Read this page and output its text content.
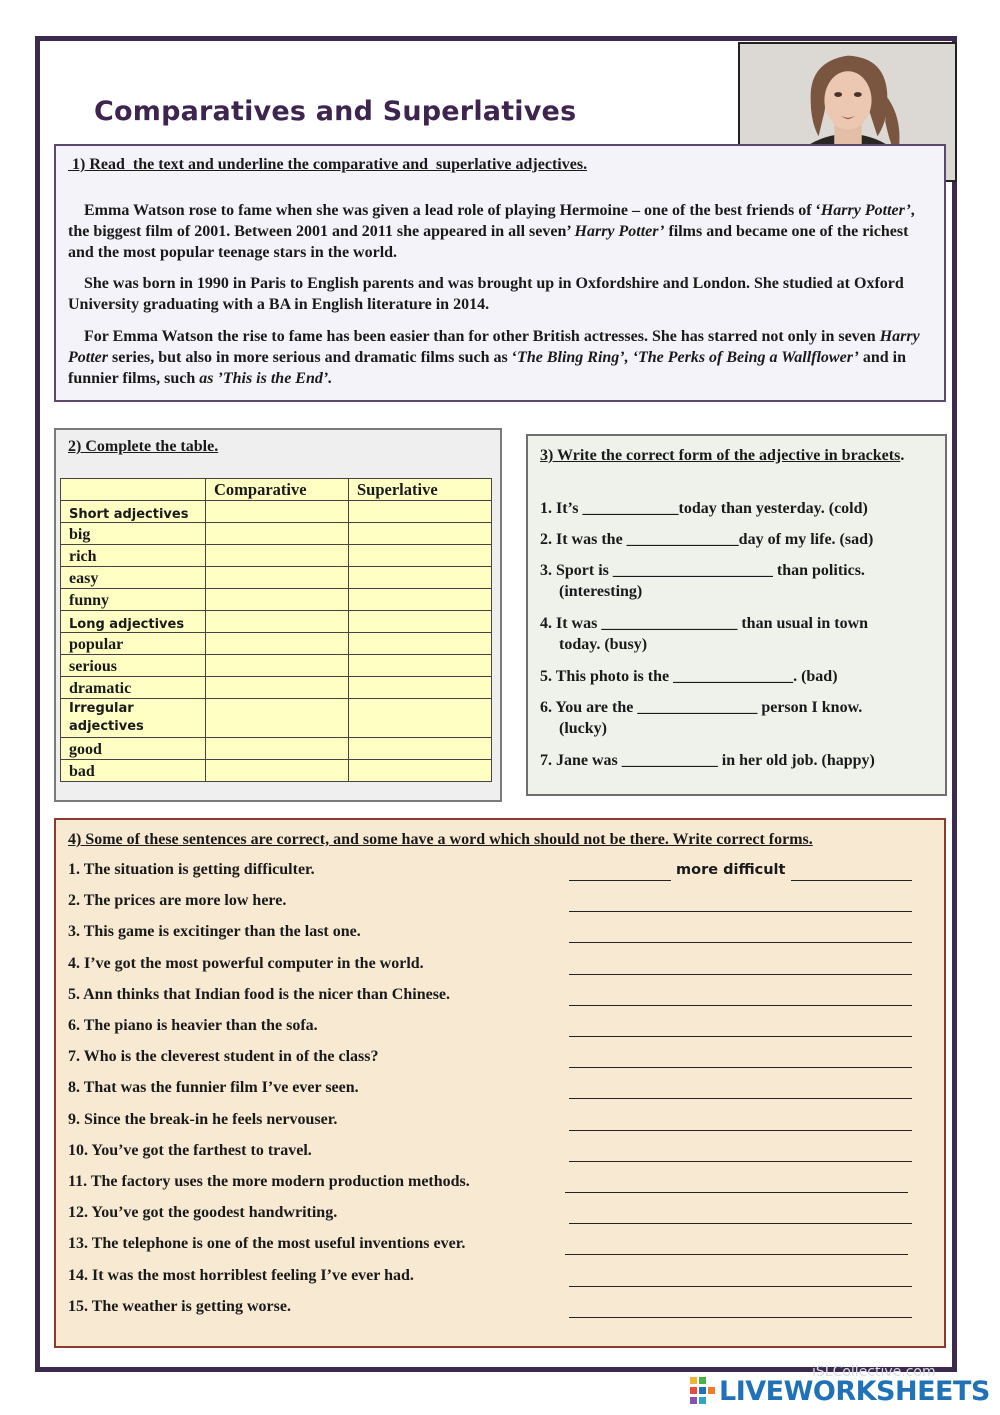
Comparatives and Superlatives
1) Read  the text and underline the comparative and  superlative adjectives.

Emma Watson rose to fame when she was given a lead role of playing Hermoine – one of the best friends of ‘Harry Potter’, the biggest film of 2001. Between 2001 and 2011 she appeared in all seven’ Harry Potter’ films and became one of the richest and the most popular teenage stars in the world.

She was born in 1990 in Paris to English parents and was brought up in Oxfordshire and London. She studied at Oxford University graduating with a BA in English literature in 2014.

For Emma Watson the rise to fame has been easier than for other British actresses. She has starred not only in seven Harry Potter series, but also in more serious and dramatic films such as ‘The Bling Ring’, ‘The Perks of Being a Wallflower’ and in funnier films, such as ’This is the End’.

2) Complete the table.
	Comparative	Superlative
Short adjectives		
big		
rich		
easy		
funny		
Long adjectives		
popular		
serious		
dramatic		
Irregular adjectives		
good		
bad		
3) Write the correct form of the adjective in brackets.
1. It’s ____________today than yesterday. (cold)
2. It was the ______________day of my life. (sad)
3. Sport is ____________________ than politics.
(interesting)
4. It was _________________ than usual in town
today. (busy)
5. This photo is the _______________. (bad)
6. You are the _______________ person I know.
(lucky)
7. Jane was ____________ in her old job. (happy)
4) Some of these sentences are correct, and some have a word which should not be there. Write correct forms.
1. The situation is getting difficulter.	more difficult
2. The prices are more low here.
3. This game is excitinger than the last one.
4. I’ve got the most powerful computer in the world.
5. Ann thinks that Indian food is the nicer than Chinese.
6. The piano is heavier than the sofa.
7. Who is the cleverest student in of the class?
8. That was the funnier film I’ve ever seen.
9. Since the break-in he feels nervouser.
10. You’ve got the farthest to travel.
11. The factory uses the more modern production methods.
12. You’ve got the goodest handwriting.
13. The telephone is one of the most useful inventions ever.
14. It was the most horriblest feeling I’ve ever had.
15. The weather is getting worse.
iSLCollective.com
LIVEWORKSHEETS
